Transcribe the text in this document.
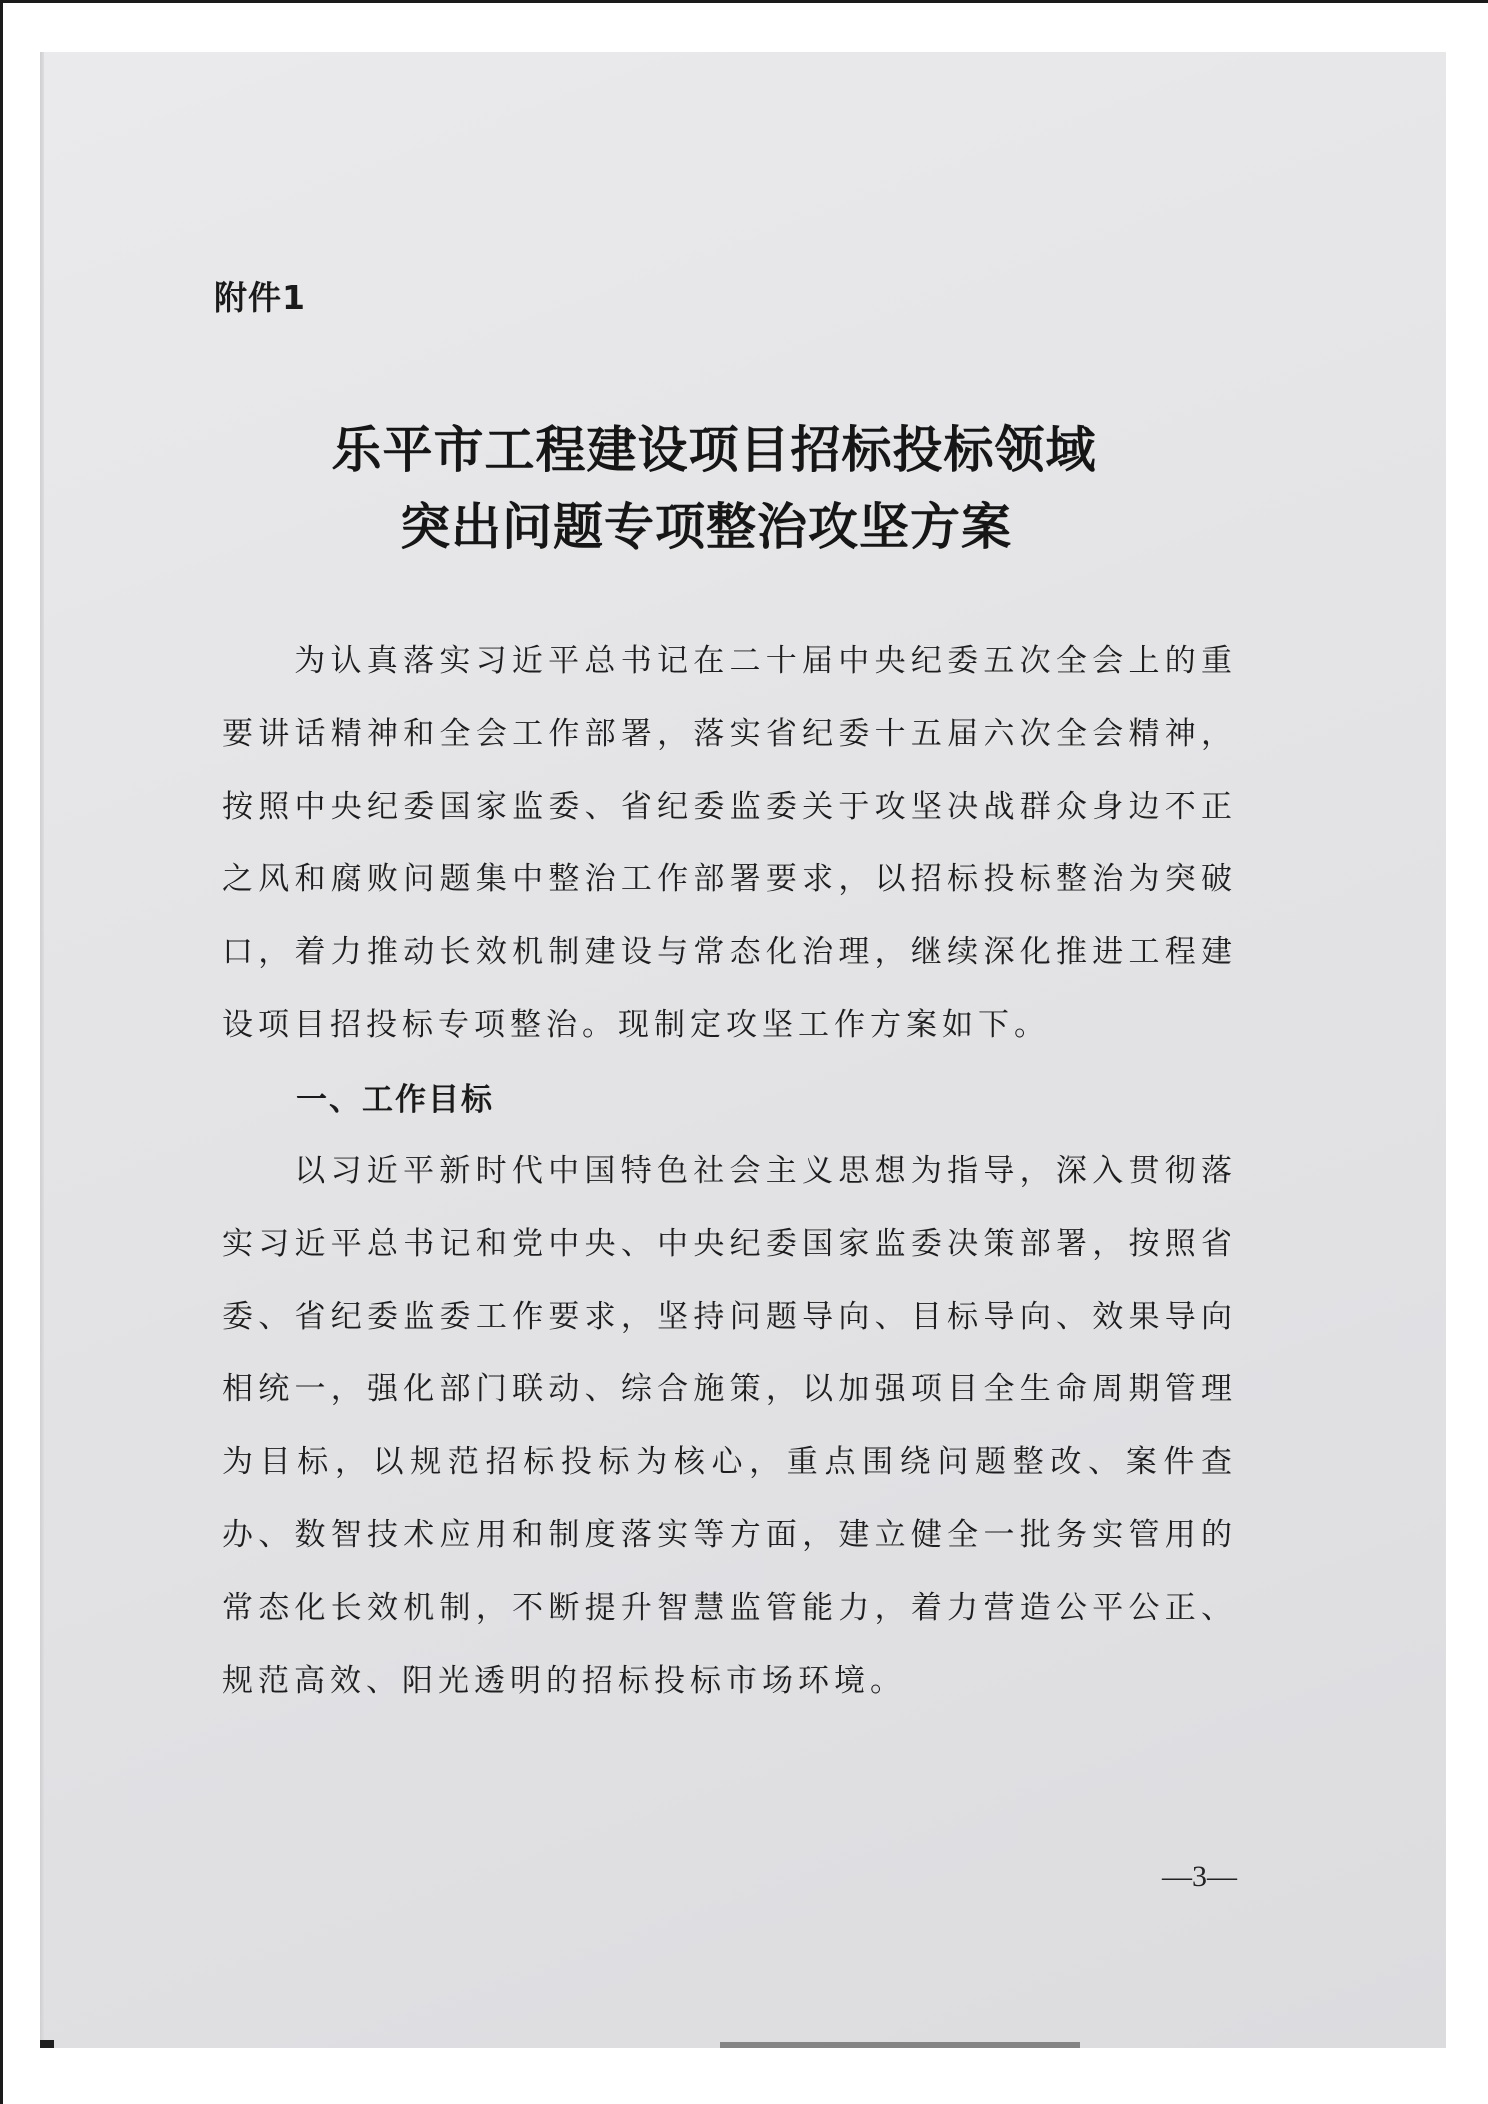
附件1
乐平市工程建设项目招标投标领域
突出问题专项整治攻坚方案
为认真落实习近平总书记在二十届中央纪委五次全会上的重要讲话精神和全会工作部署，落实省纪委十五届六次全会精神，按照中央纪委国家监委、省纪委监委关于攻坚决战群众身边不正之风和腐败问题集中整治工作部署要求，以招标投标整治为突破口，着力推动长效机制建设与常态化治理，继续深化推进工程建设项目招投标专项整治。现制定攻坚工作方案如下。
一、工作目标
以习近平新时代中国特色社会主义思想为指导，深入贯彻落实习近平总书记和党中央、中央纪委国家监委决策部署，按照省委、省纪委监委工作要求，坚持问题导向、目标导向、效果导向相统一，强化部门联动、综合施策，以加强项目全生命周期管理为目标，以规范招标投标为核心，重点围绕问题整改、案件查办、数智技术应用和制度落实等方面，建立健全一批务实管用的常态化长效机制，不断提升智慧监管能力，着力营造公平公正、规范高效、阳光透明的招标投标市场环境。
—3—
